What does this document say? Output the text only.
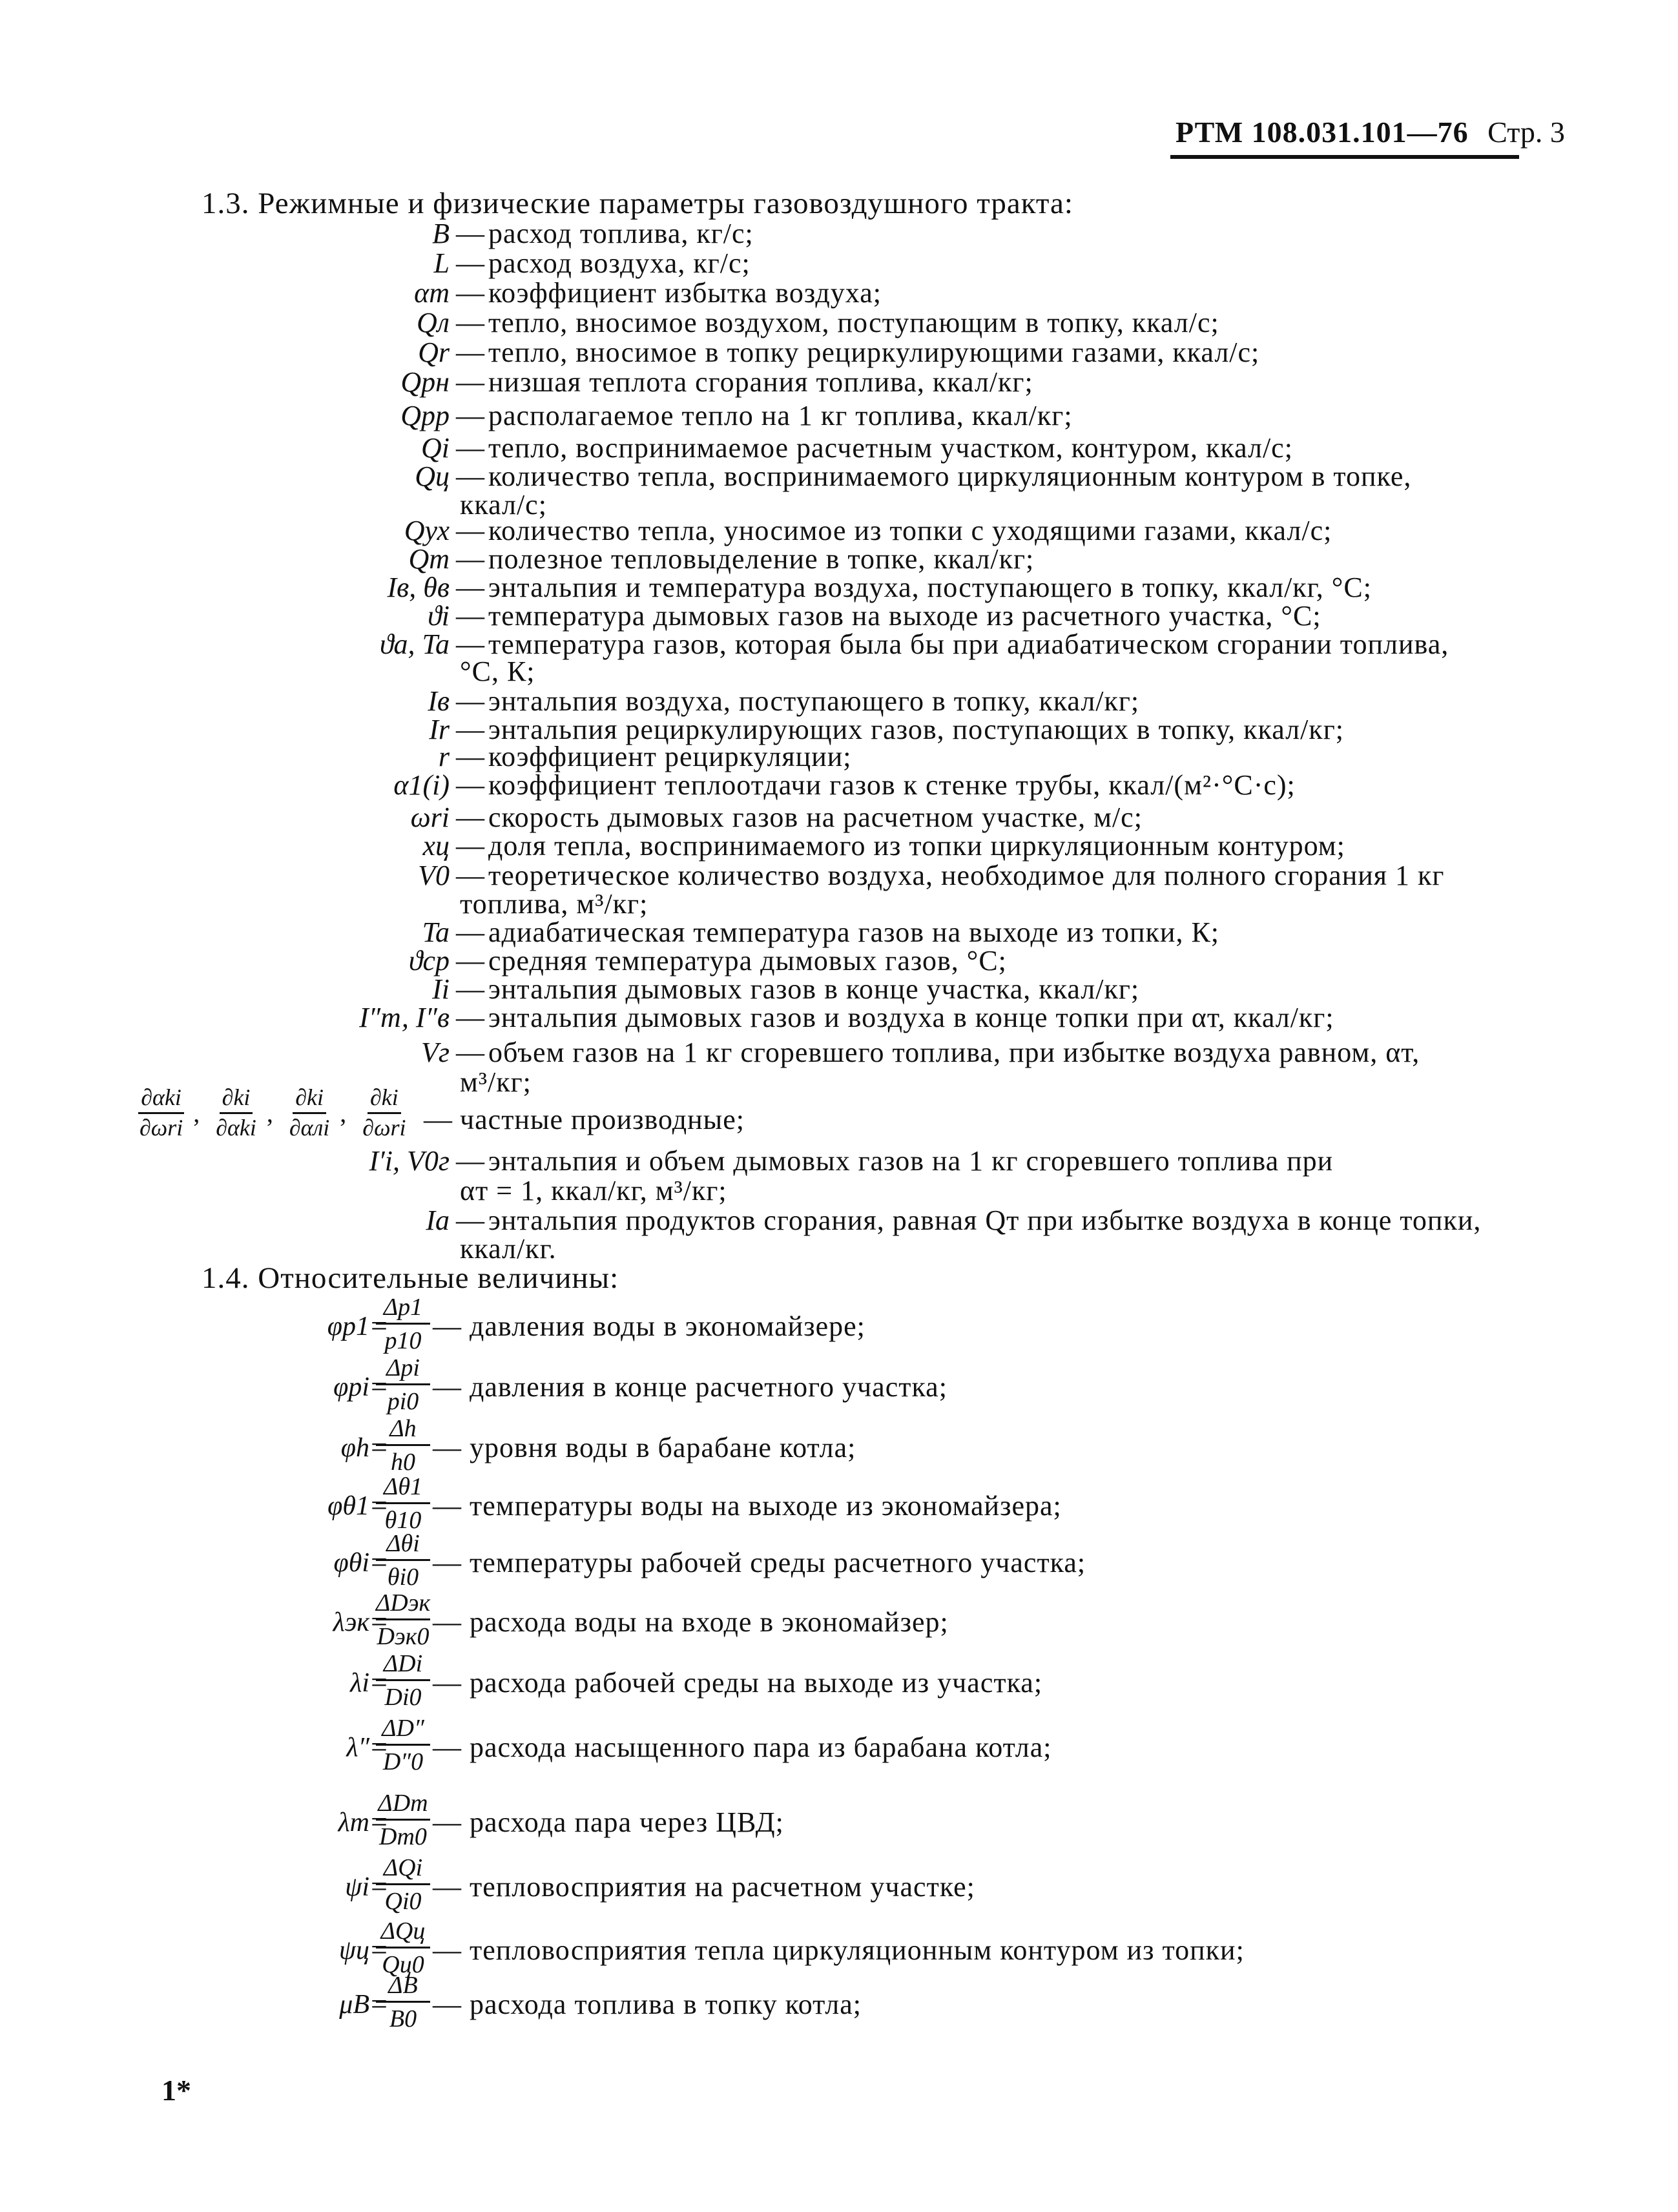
РТМ 108.031.101—76 Стр. 3
1.3. Режимные и физические параметры газовоздушного тракта:
B — расход топлива, кг/с;
L — расход воздуха, кг/с;
αт — коэффициент избытка воздуха;
Qл — тепло, вносимое воздухом, поступающим в топку, ккал/с;
Qr — тепло, вносимое в топку рециркулирующими газами, ккал/с;
Qрн — низшая теплота сгорания топлива, ккал/кг;
Qрр — располагаемое тепло на 1 кг топлива, ккал/кг;
Qi — тепло, воспринимаемое расчетным участком, контуром, ккал/с;
Qц — количество тепла, воспринимаемого циркуляционным контуром в топке,
ккал/с;
Qух — количество тепла, уносимое из топки с уходящими газами, ккал/с;
Qт — полезное тепловыделение в топке, ккал/кг;
Iв, θв — энтальпия и температура воздуха, поступающего в топку, ккал/кг, °С;
ϑi — температура дымовых газов на выходе из расчетного участка, °С;
ϑa, Ta — температура газов, которая была бы при адиабатическом сгорании топлива,
°С, К;
Iв — энтальпия воздуха, поступающего в топку, ккал/кг;
Ir — энтальпия рециркулирующих газов, поступающих в топку, ккал/кг;
r — коэффициент рециркуляции;
α1(i) — коэффициент теплоотдачи газов к стенке трубы, ккал/(м²·°С·с);
ωri — скорость дымовых газов на расчетном участке, м/с;
xц — доля тепла, воспринимаемого из топки циркуляционным контуром;
V0 — теоретическое количество воздуха, необходимое для полного сгорания 1 кг
топлива, м³/кг;
Ta — адиабатическая температура газов на выходе из топки, К;
ϑср — средняя температура дымовых газов, °С;
Ii — энтальпия дымовых газов в конце участка, ккал/кг;
I″т, I″в — энтальпия дымовых газов и воздуха в конце топки при αт, ккал/кг;
Vг — объем газов на 1 кг сгоревшего топлива, при избытке воздуха равном, αт,
м³/кг;
$\frac{\text{∂αki}}{\text{∂ωri}}$ , $\frac{\partial ki}{\text{∂αki}}$ , $\frac{\partial ki}{\text{∂αлi}}$ , $\frac{\partial ki}{\text{∂ωri}}$ — частные производные;
I′i, V0г — энтальпия и объем дымовых газов на 1 кг сгоревшего топлива при
αт = 1, ккал/кг, м³/кг;
Ia — энтальпия продуктов сгорания, равная Qт при избытке воздуха в конце топки,
ккал/кг.
1.4. Относительные величины:
φp1 =
$\frac{\Delta p1}{p10}$ — давления воды в экономайзере;
φpi =
Δpi
pi0 — давления в конце расчетного участка;
φh =
$\frac{\Delta h}{h0}$ — уровня воды в барабане котла;
φθ1 =
$\frac{\Delta\theta 1}{\theta 10}$ — температуры воды на выходе из экономайзера;
φθi =
Δθi
θi0 — температуры рабочей среды расчетного участка;
λэк =
ΔDэк
Dэк0 — расхода воды на входе в экономайзер;
λi =
ΔDi
Di0 — расхода рабочей среды на выходе из участка;
λ″ =
$\frac{\Delta D''}{D''0}$ — расхода насыщенного пара из барабана котла;
λт =
ΔDт
Dт0 — расхода пара через ЦВД;
ψi =
ΔQi
Qi0 — тепловосприятия на расчетном участке;
ψц =
ΔQц
Qц0 — тепловосприятия тепла циркуляционным контуром из топки;
μB =
$\frac{\Delta B}{B0}$ — расхода топлива в топку котла;
1*
